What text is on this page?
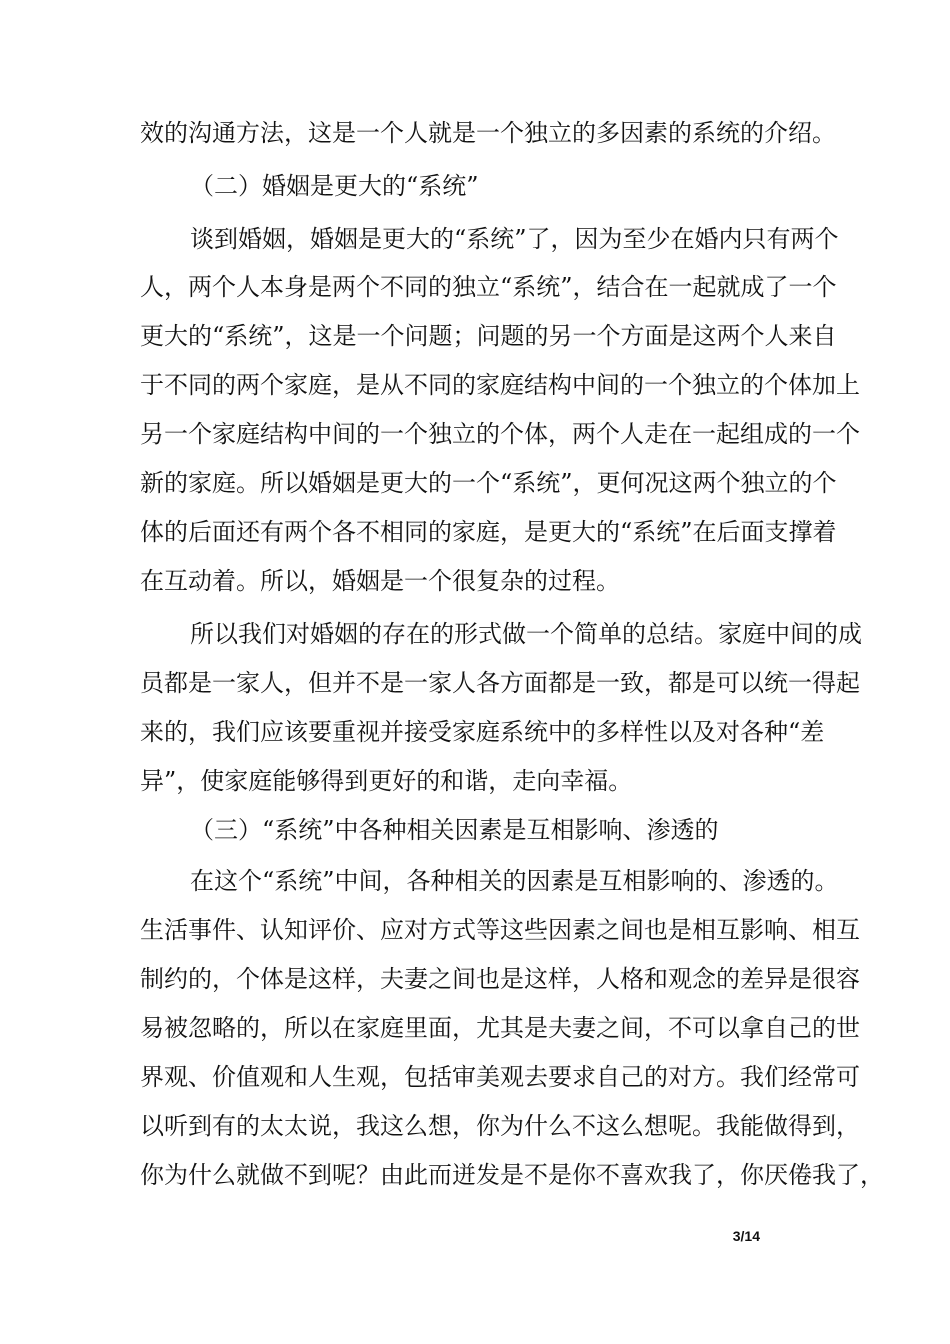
效的沟通方法，这是一个人就是一个独立的多因素的系统的介绍。
（二）婚姻是更大的“系统”
谈到婚姻，婚姻是更大的“系统”了，因为至少在婚内只有两个
人，两个人本身是两个不同的独立“系统”，结合在一起就成了一个
更大的“系统”，这是一个问题；问题的另一个方面是这两个人来自
于不同的两个家庭，是从不同的家庭结构中间的一个独立的个体加上
另一个家庭结构中间的一个独立的个体，两个人走在一起组成的一个
新的家庭。所以婚姻是更大的一个“系统”，更何况这两个独立的个
体的后面还有两个各不相同的家庭，是更大的“系统”在后面支撑着
在互动着。所以，婚姻是一个很复杂的过程。
所以我们对婚姻的存在的形式做一个简单的总结。家庭中间的成
员都是一家人，但并不是一家人各方面都是一致，都是可以统一得起
来的，我们应该要重视并接受家庭系统中的多样性以及对各种“差
异”，使家庭能够得到更好的和谐，走向幸福。
（三）“系统”中各种相关因素是互相影响、渗透的
在这个“系统”中间，各种相关的因素是互相影响的、渗透的。
生活事件、认知评价、应对方式等这些因素之间也是相互影响、相互
制约的，个体是这样，夫妻之间也是这样，人格和观念的差异是很容
易被忽略的，所以在家庭里面，尤其是夫妻之间，不可以拿自己的世
界观、价值观和人生观，包括审美观去要求自己的对方。我们经常可
以听到有的太太说，我这么想，你为什么不这么想呢。我能做得到，
你为什么就做不到呢？由此而迸发是不是你不喜欢我了，你厌倦我了，
3/14
